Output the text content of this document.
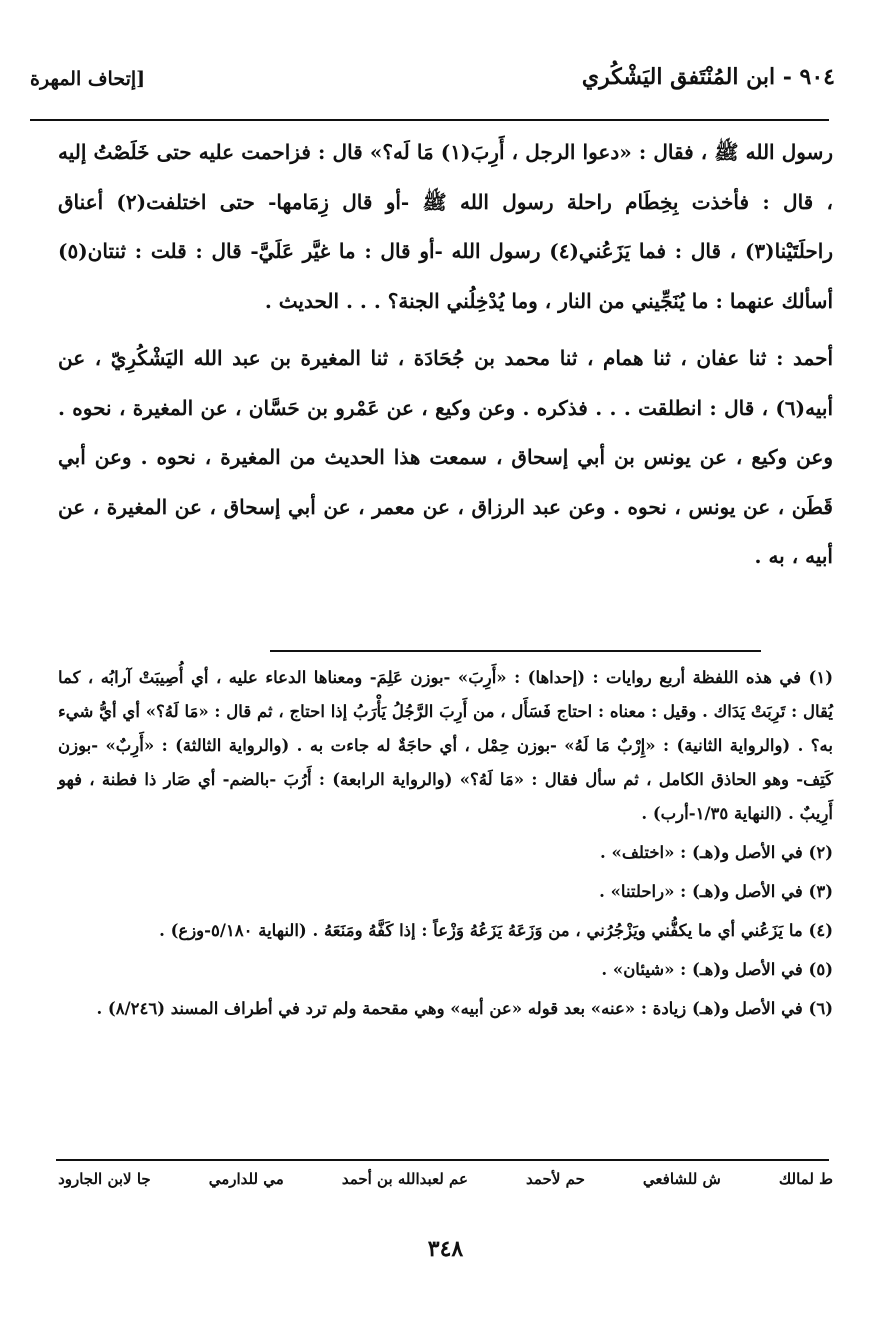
٩٠٤ - ابن المُنْتَفق اليَشْكُري
[إتحاف المهرة

رسول الله ﷺ ، فقال : «دعوا الرجل ، أَرِبَ(١) مَا لَه؟» قال : فزاحمت عليه حتى خَلَصْتُ إليه ، قال : فأخذت بِخِطَام راحلة رسول الله ﷺ -أو قال زِمَامها- حتى اختلفت(٢) أعناق راحلَتَيْنا(٣) ، قال : فما يَزَعُني(٤) رسول الله -أو قال : ما غيَّر عَلَيَّ- قال : قلت : ثنتان(٥) أسألك عنهما : ما يُنَجِّيني من النار ، وما يُدْخِلُني الجنة؟ . . . الحديث .

أحمد : ثنا عفان ، ثنا همام ، ثنا محمد بن جُحَادَة ، ثنا المغيرة بن عبد الله اليَشْكُرِيّ ، عن أبيه(٦) ، قال : انطلقت . . . فذكره . وعن وكيع ، عن عَمْرو بن حَسَّان ، عن المغيرة ، نحوه . وعن وكيع ، عن يونس بن أبي إسحاق ، سمعت هذا الحديث من المغيرة ، نحوه . وعن أبي قَطَن ، عن يونس ، نحوه . وعن عبد الرزاق ، عن معمر ، عن أبي إسحاق ، عن المغيرة ، عن أبيه ، به .

(١) في هذه اللفظة أربع روايات : (إحداها) : «أَرِبَ» -بوزن عَلِمَ- ومعناها الدعاء عليه ، أي أُصِيبَتْ آرابُه ، كما يُقال : تَرِبَتْ يَدَاك . وقيل : معناه : احتاج فَسَأَل ، من أَرِبَ الرَّجُلُ يَأْرَبُ إذا احتاج ، ثم قال : «مَا لَهُ؟» أي أيُّ شيء به؟ . (والرواية الثانية) : «إِرْبٌ مَا لَهُ» -بوزن حِمْل ، أي حاجَةٌ له جاءت به . (والرواية الثالثة) : «أَرِبٌ» -بوزن كَتِف- وهو الحاذق الكامل ، ثم سأل فقال : «مَا لَهُ؟» (والرواية الرابعة) : أَرُبَ -بالضم- أي صَار ذا فطنة ، فهو أَرِيبٌ . (النهاية ١/٣٥-أرب) .

(٢) في الأصل و(هـ) : «اختلف» .

(٣) في الأصل و(هـ) : «راحلتنا» .

(٤) ما يَزَعُني أي ما يكفُّني ويَزْجُرُني ، من وَزَعَهُ يَزَعُهُ وَزْعاً : إذا كَفَّهُ ومَنَعَهُ . (النهاية ٥/١٨٠-وزع) .

(٥) في الأصل و(هـ) : «شيئان» .

(٦) في الأصل و(هـ) زيادة : «عنه» بعد قوله «عن أبيه» وهي مقحمة ولم ترد في أطراف المسند (٨/٢٤٦) .

ط لمالك
ش للشافعي
حم لأحمد
عم لعبدالله بن أحمد
مي للدارمي
جا لابن الجارود
٣٤٨
